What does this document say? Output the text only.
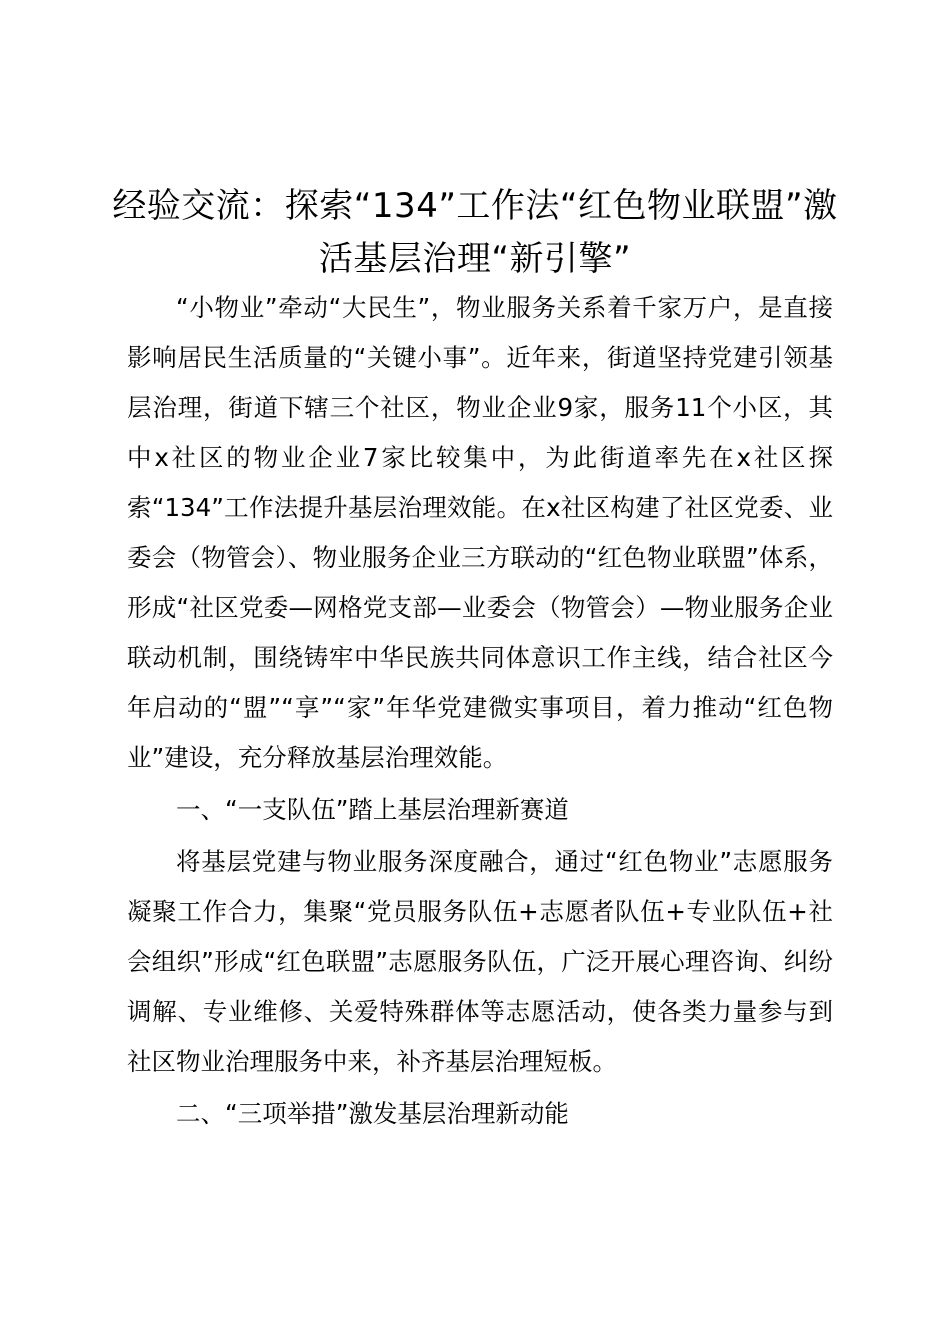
经验交流：探索“134”工作法“红色物业联盟”激活基层治理“新引擎”

“小物业”牵动“大民生”，物业服务关系着千家万户，是直接影响居民生活质量的“关键小事”。近年来，街道坚持党建引领基层治理，街道下辖三个社区，物业企业9家，服务11个小区，其中x社区的物业企业7家比较集中，为此街道率先在x社区探索“134”工作法提升基层治理效能。在x社区构建了社区党委、业委会（物管会）、物业服务企业三方联动的“红色物业联盟”体系，形成“社区党委—网格党支部—业委会（物管会）—物业服务企业联动机制，围绕铸牢中华民族共同体意识工作主线，结合社区今年启动的“盟”“享”“家”年华党建微实事项目，着力推动“红色物业”建设，充分释放基层治理效能。

一、“一支队伍”踏上基层治理新赛道

将基层党建与物业服务深度融合，通过“红色物业”志愿服务凝聚工作合力，集聚“党员服务队伍+志愿者队伍+专业队伍+社会组织”形成“红色联盟”志愿服务队伍，广泛开展心理咨询、纠纷调解、专业维修、关爱特殊群体等志愿活动，使各类力量参与到社区物业治理服务中来，补齐基层治理短板。

二、“三项举措”激发基层治理新动能
